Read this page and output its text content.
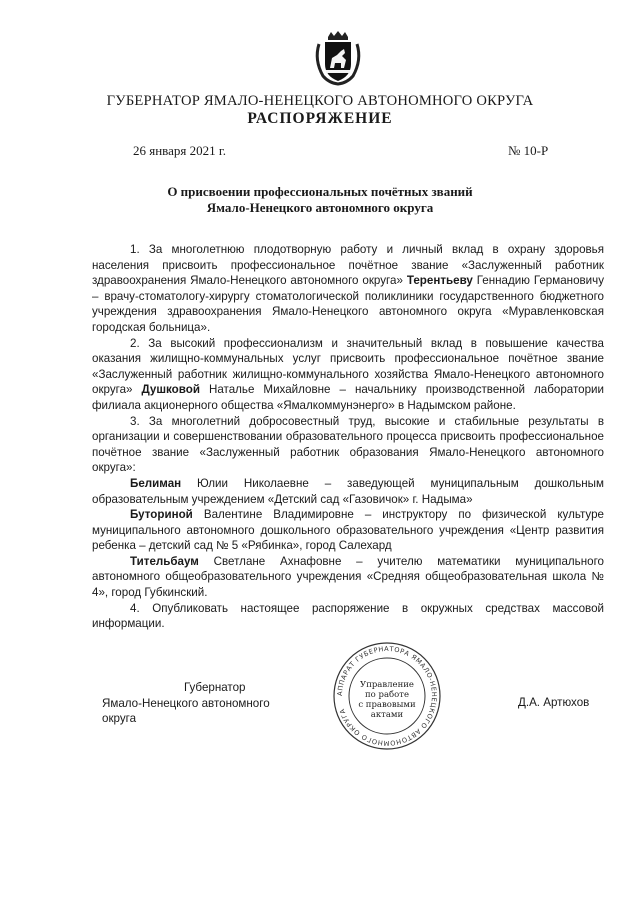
ГУБЕРНАТОР ЯМАЛО-НЕНЕЦКОГО АВТОНОМНОГО ОКРУГА
РАСПОРЯЖЕНИЕ
26 января 2021 г.	№ 10-Р
О присвоении профессиональных почётных званий
Ямало-Ненецкого автономного округа

1. За многолетнюю плодотворную работу и личный вклад в охрану здоровья населения присвоить профессиональное почётное звание «Заслуженный работник здравоохранения Ямало-Ненецкого автономного округа» Терентьеву Геннадию Германовичу – врачу-стоматологу-хирургу стоматологической поликлиники государственного бюджетного учреждения здравоохранения Ямало-Ненецкого автономного округа «Муравленковская городская больница».

2. За высокий профессионализм и значительный вклад в повышение качества оказания жилищно-коммунальных услуг присвоить профессиональное почётное звание «Заслуженный работник жилищно-коммунального хозяйства Ямало-Ненецкого автономного округа» Душковой Наталье Михайловне – начальнику производственной лаборатории филиала акционерного общества «Ямалкоммунэнерго» в Надымском районе.

3. За многолетний добросовестный труд, высокие и стабильные результаты в организации и совершенствовании образовательного процесса присвоить профессиональное почётное звание «Заслуженный работник образования Ямало-Ненецкого автономного округа»:

Белиман Юлии Николаевне – заведующей муниципальным дошкольным образовательным учреждением «Детский сад «Газовичок» г. Надыма»

Буториной Валентине Владимировне – инструктору по физической культуре муниципального автономного дошкольного образовательного учреждения «Центр развития ребенка – детский сад № 5 «Рябинка», город Салехард

Тительбаум Светлане Ахнафовне – учителю математики муниципального автономного общеобразовательного учреждения «Средняя общеобразовательная школа № 4», город Губкинский.

4. Опубликовать настоящее распоряжение в окружных средствах массовой информации.

Губернатор
Ямало-Ненецкого автономного округа
Д.А. Артюхов
АППАРАТ ГУБЕРНАТОРА ЯМАЛО-НЕНЕЦКОГО АВТОНОМНОГО ОКРУГА
Управление
по работе
с правовыми
актами
